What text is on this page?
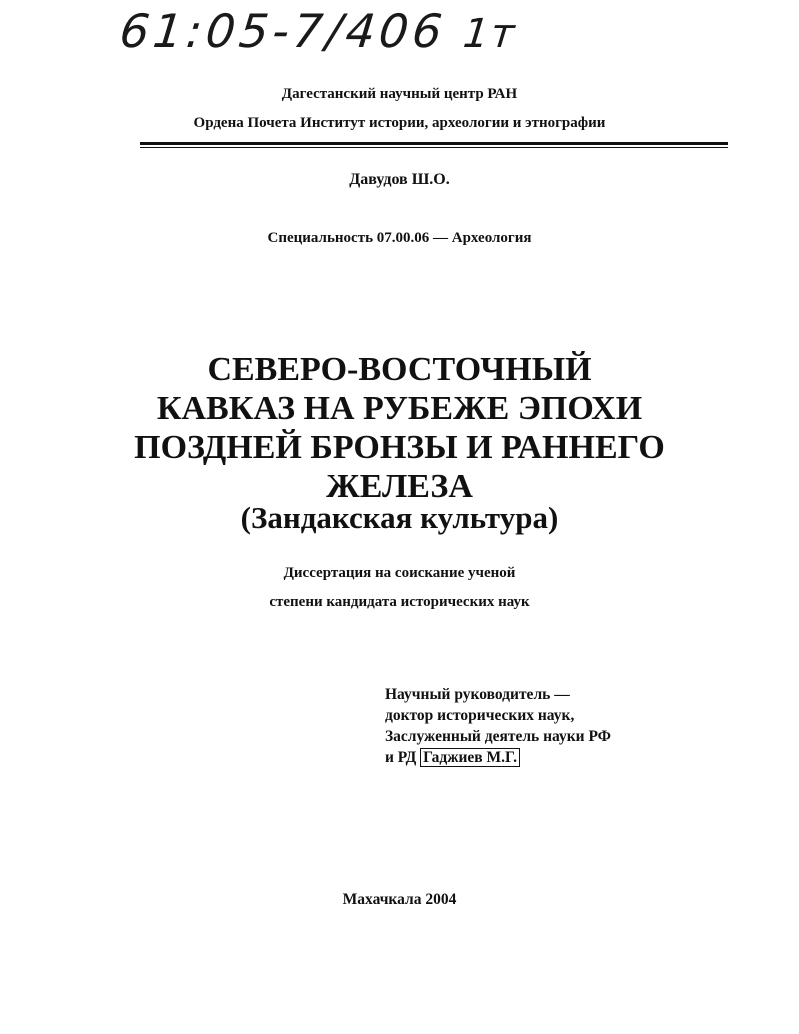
61:05-7/406 1т
Дагестанский научный центр РАН
Ордена Почета Институт истории, археологии и этнографии
Давудов Ш.О.
Специальность 07.00.06 — Археология
СЕВЕРО-ВОСТОЧНЫЙ
КАВКАЗ НА РУБЕЖЕ ЭПОХИ
ПОЗДНЕЙ БРОНЗЫ И РАННЕГО
ЖЕЛЕЗА
(Зандакская культура)
Диссертация на соискание ученой
степени кандидата исторических наук
Научный руководитель —
доктор исторических наук,
Заслуженный деятель науки РФ
и РД Гаджиев М.Г.
Махачкала 2004
